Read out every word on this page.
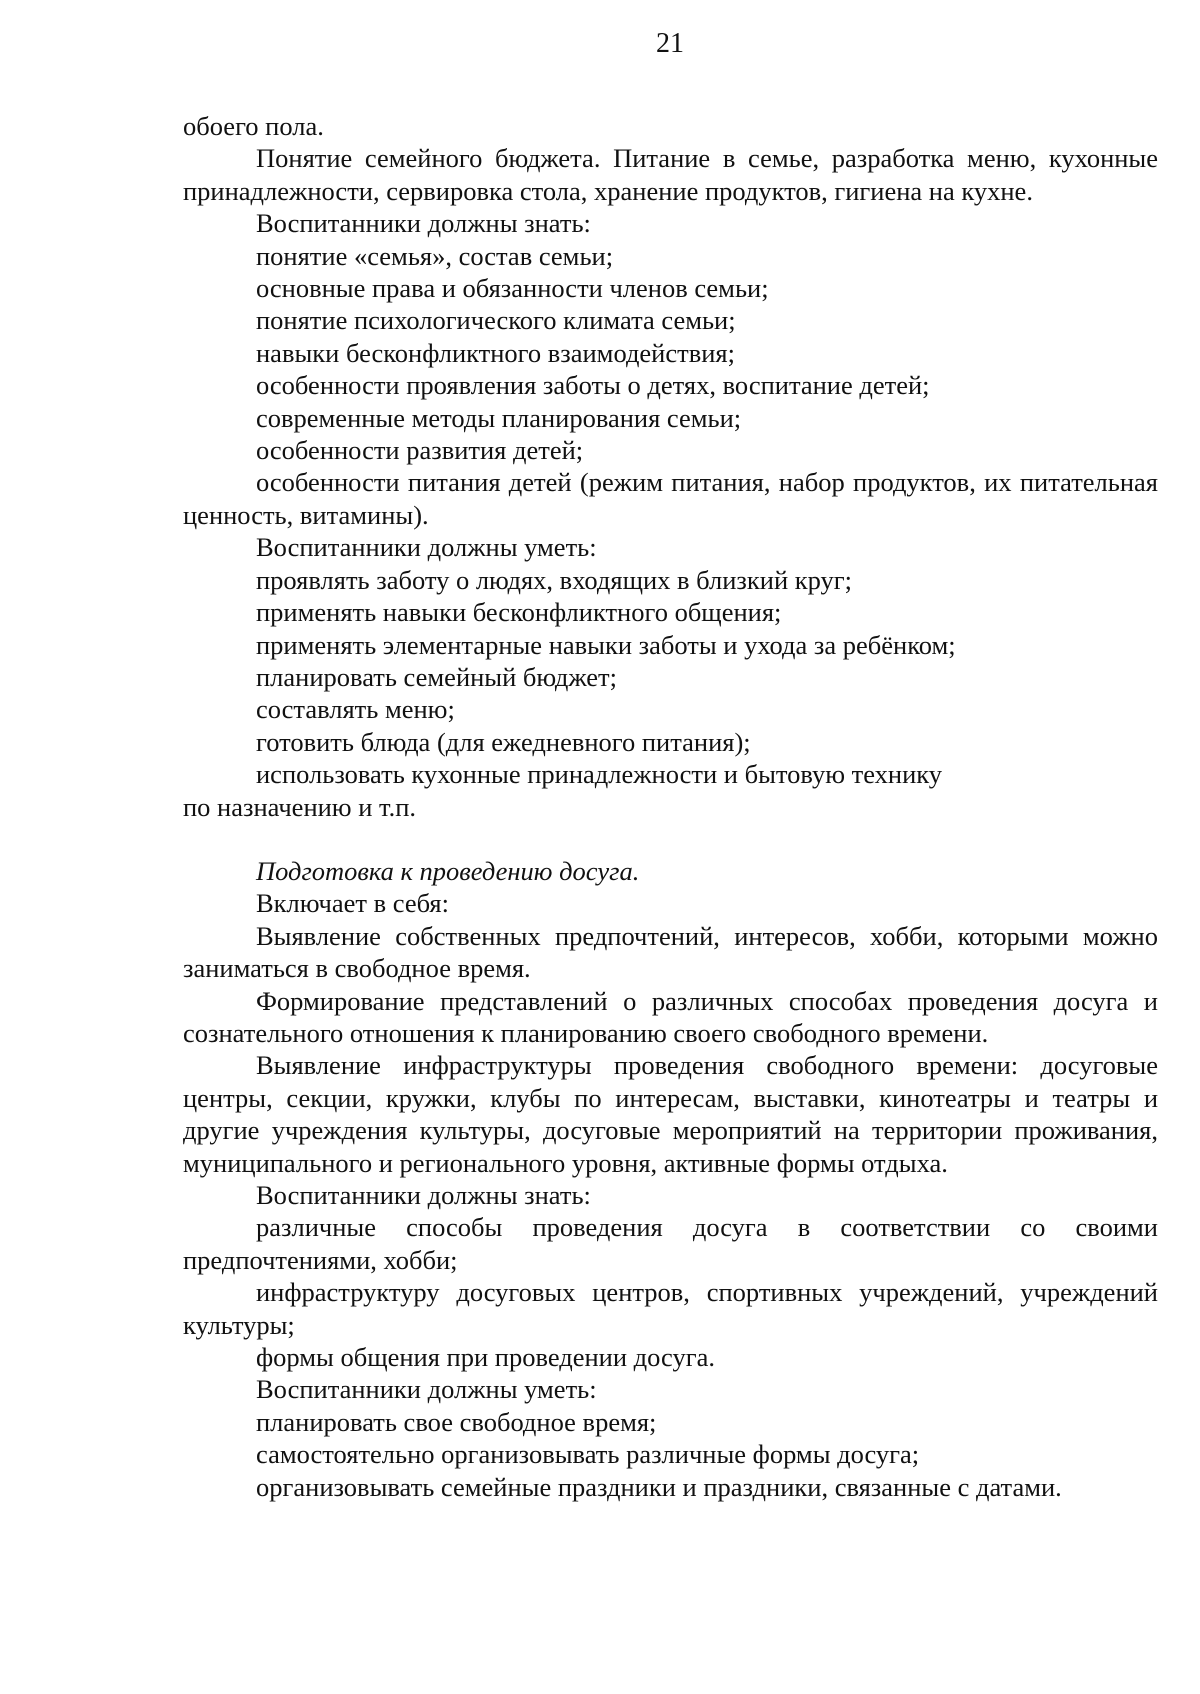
21

обоего пола.

Понятие семейного бюджета. Питание в семье, разработка меню, кухонные принадлежности, сервировка стола, хранение продуктов, гигиена на кухне.

Воспитанники должны знать:

понятие «семья», состав семьи;

основные права и обязанности членов семьи;

понятие психологического климата семьи;

навыки бесконфликтного взаимодействия;

особенности проявления заботы о детях, воспитание детей;

современные методы планирования семьи;

особенности развития детей;

особенности питания детей (режим питания, набор продуктов, их питательная ценность, витамины).

Воспитанники должны уметь:

проявлять заботу о людях, входящих в близкий круг;

применять навыки бесконфликтного общения;

применять элементарные навыки заботы и ухода за ребёнком;

планировать семейный бюджет;

составлять меню;

готовить блюда (для ежедневного питания);

использовать кухонные принадлежности и бытовую технику

по назначению и т.п.

Подготовка к проведению досуга.

Включает в себя:

Выявление собственных предпочтений, интересов, хобби, которыми можно заниматься в свободное время.

Формирование представлений о различных способах проведения досуга и сознательного отношения к планированию своего свободного времени.

Выявление инфраструктуры проведения свободного времени: досуговые центры, секции, кружки, клубы по интересам, выставки, кинотеатры и театры и другие учреждения культуры, досуговые мероприятий на территории проживания, муниципального и регионального уровня, активные формы отдыха.

Воспитанники должны знать:

различные способы проведения досуга в соответствии со своими предпочтениями, хобби;

инфраструктуру досуговых центров, спортивных учреждений, учреждений культуры;

формы общения при проведении досуга.

Воспитанники должны уметь:

планировать свое свободное время;

самостоятельно организовывать различные формы досуга;

организовывать семейные праздники и праздники, связанные с датами.
